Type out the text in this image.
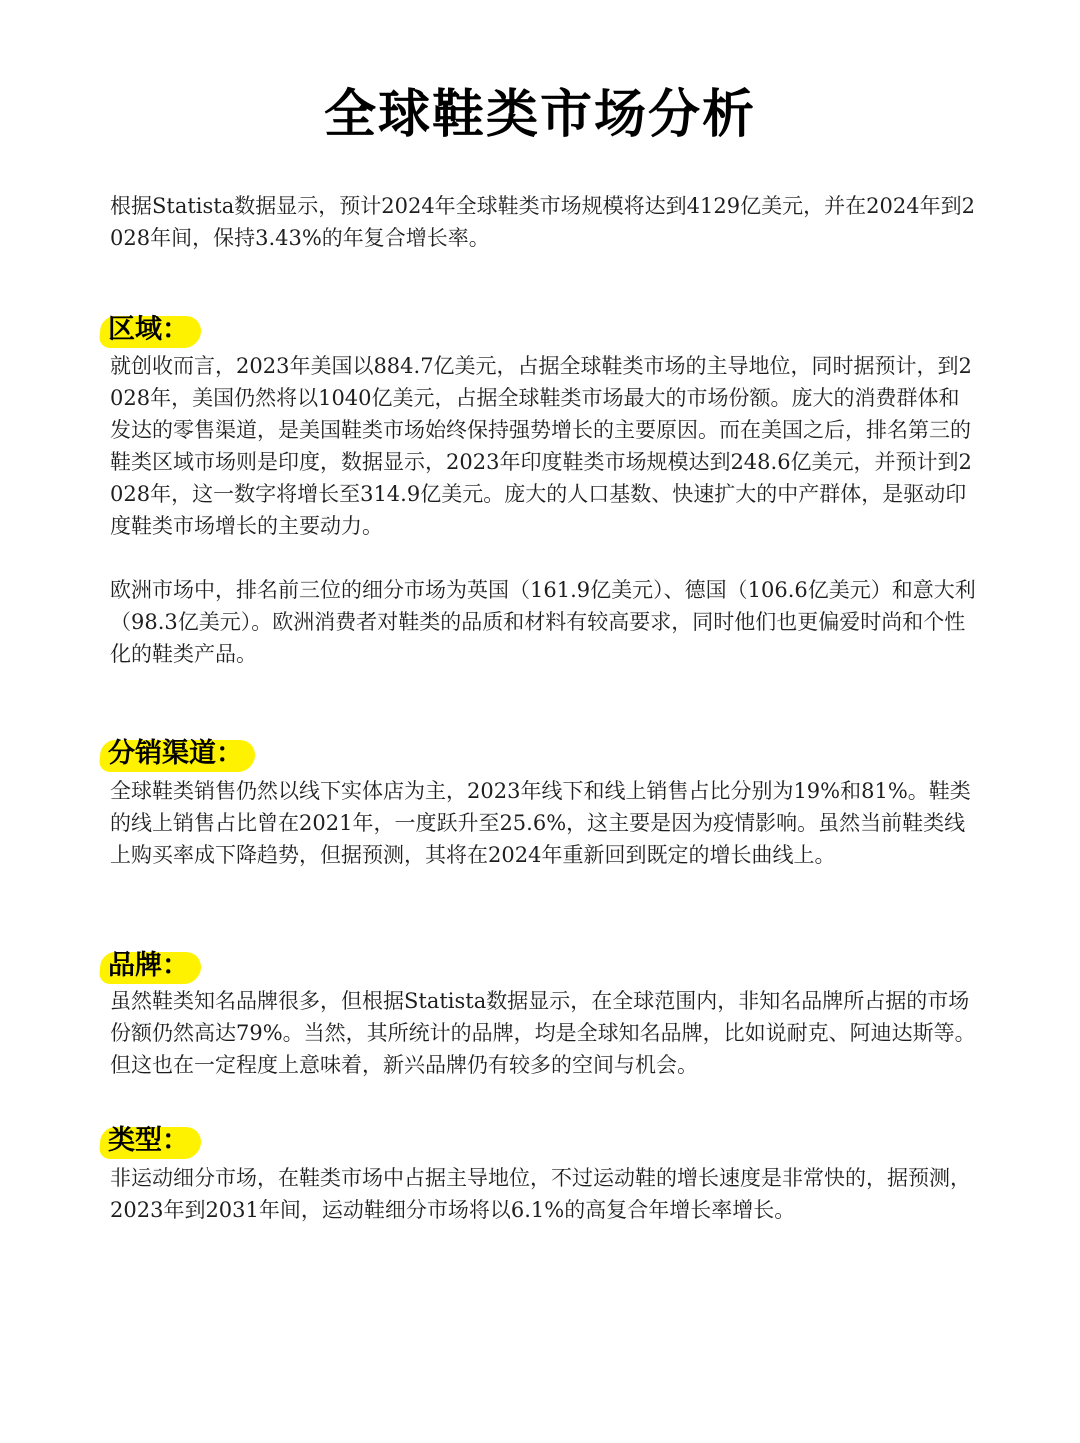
全球鞋类市场分析

根据Statista数据显示，预计2024年全球鞋类市场规模将达到4129亿美元，并在2024年到2028年间，保持3.43%的年复合增长率。

区域：

就创收而言，2023年美国以884.7亿美元，占据全球鞋类市场的主导地位，同时据预计，到2028年，美国仍然将以1040亿美元，占据全球鞋类市场最大的市场份额。庞大的消费群体和发达的零售渠道，是美国鞋类市场始终保持强势增长的主要原因。而在美国之后，排名第三的鞋类区域市场则是印度，数据显示，2023年印度鞋类市场规模达到248.6亿美元，并预计到2028年，这一数字将增长至314.9亿美元。庞大的人口基数、快速扩大的中产群体，是驱动印度鞋类市场增长的主要动力。

欧洲市场中，排名前三位的细分市场为英国（161.9亿美元）、德国（106.6亿美元）和意大利（98.3亿美元）。欧洲消费者对鞋类的品质和材料有较高要求，同时他们也更偏爱时尚和个性化的鞋类产品。

分销渠道：

全球鞋类销售仍然以线下实体店为主，2023年线下和线上销售占比分别为19%和81%。鞋类的线上销售占比曾在2021年，一度跃升至25.6%，这主要是因为疫情影响。虽然当前鞋类线上购买率成下降趋势，但据预测，其将在2024年重新回到既定的增长曲线上。

品牌：

虽然鞋类知名品牌很多，但根据Statista数据显示，在全球范围内，非知名品牌所占据的市场份额仍然高达79%。当然，其所统计的品牌，均是全球知名品牌，比如说耐克、阿迪达斯等。但这也在一定程度上意味着，新兴品牌仍有较多的空间与机会。

类型：

非运动细分市场，在鞋类市场中占据主导地位，不过运动鞋的增长速度是非常快的，据预测，2023年到2031年间，运动鞋细分市场将以6.1%的高复合年增长率增长。
